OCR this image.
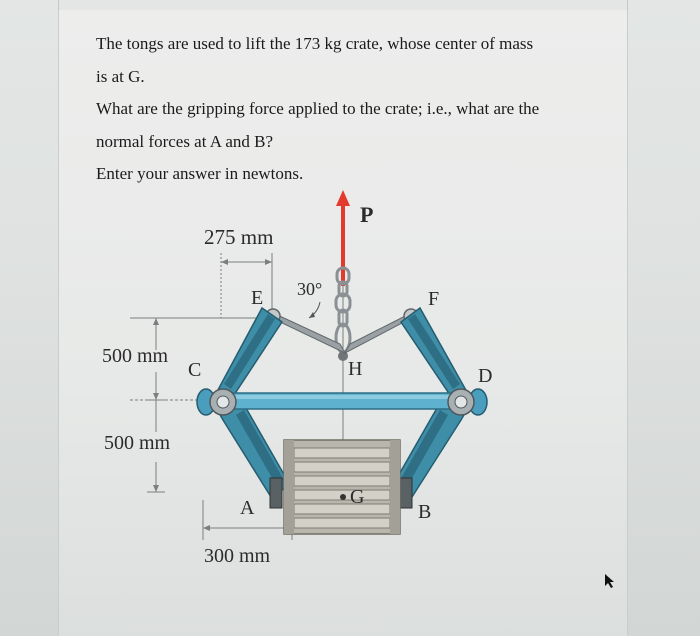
The tongs are used to lift the 173 kg crate, whose center of mass

is at G.

What are the gripping force applied to the crate; i.e., what are the

normal forces at A and B?

Enter your answer in newtons.

P
275 mm
30°
E	F
C	H	D
A	B
G
500 mm
500 mm
300 mm
